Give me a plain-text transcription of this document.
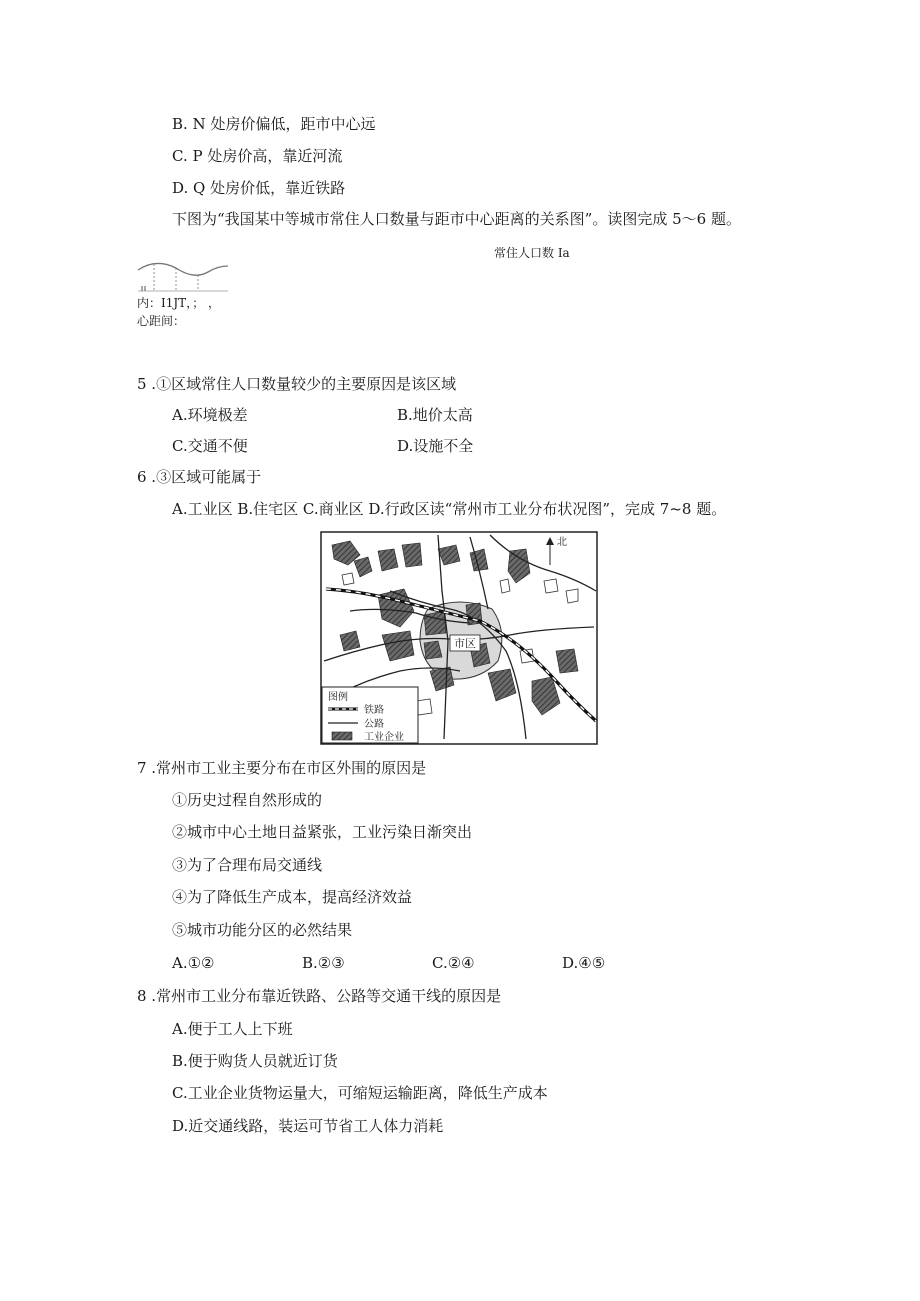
B. N 处房价偏低，距市中心远
C. P 处房价高，靠近河流
D. Q 处房价低，靠近铁路
下图为“我国某中等城市常住人口数量与距市中心距离的关系图”。读图完成 5～6 题。
常住人口数 Ia
内：I1JT，； ，
心距间：
5 .①区域常住人口数量较少的主要原因是该区域
A.环境极差	B.地价太高
C.交通不便	D.设施不全
6 .③区域可能属于
A.工业区 B.住宅区 C.商业区 D.行政区读“常州市工业分布状况图”，完成 7~8 题。
北
市区
图例
铁路
公路
工业企业
7 .常州市工业主要分布在市区外围的原因是
①历史过程自然形成的
②城市中心土地日益紧张，工业污染日渐突出
③为了合理布局交通线
④为了降低生产成本，提高经济效益
⑤城市功能分区的必然结果
A.①②	B.②③	C.②④	D.④⑤
8 .常州市工业分布靠近铁路、公路等交通干线的原因是
A.便于工人上下班
B.便于购货人员就近订货
C.工业企业货物运量大，可缩短运输距离，降低生产成本
D.近交通线路，装运可节省工人体力消耗
